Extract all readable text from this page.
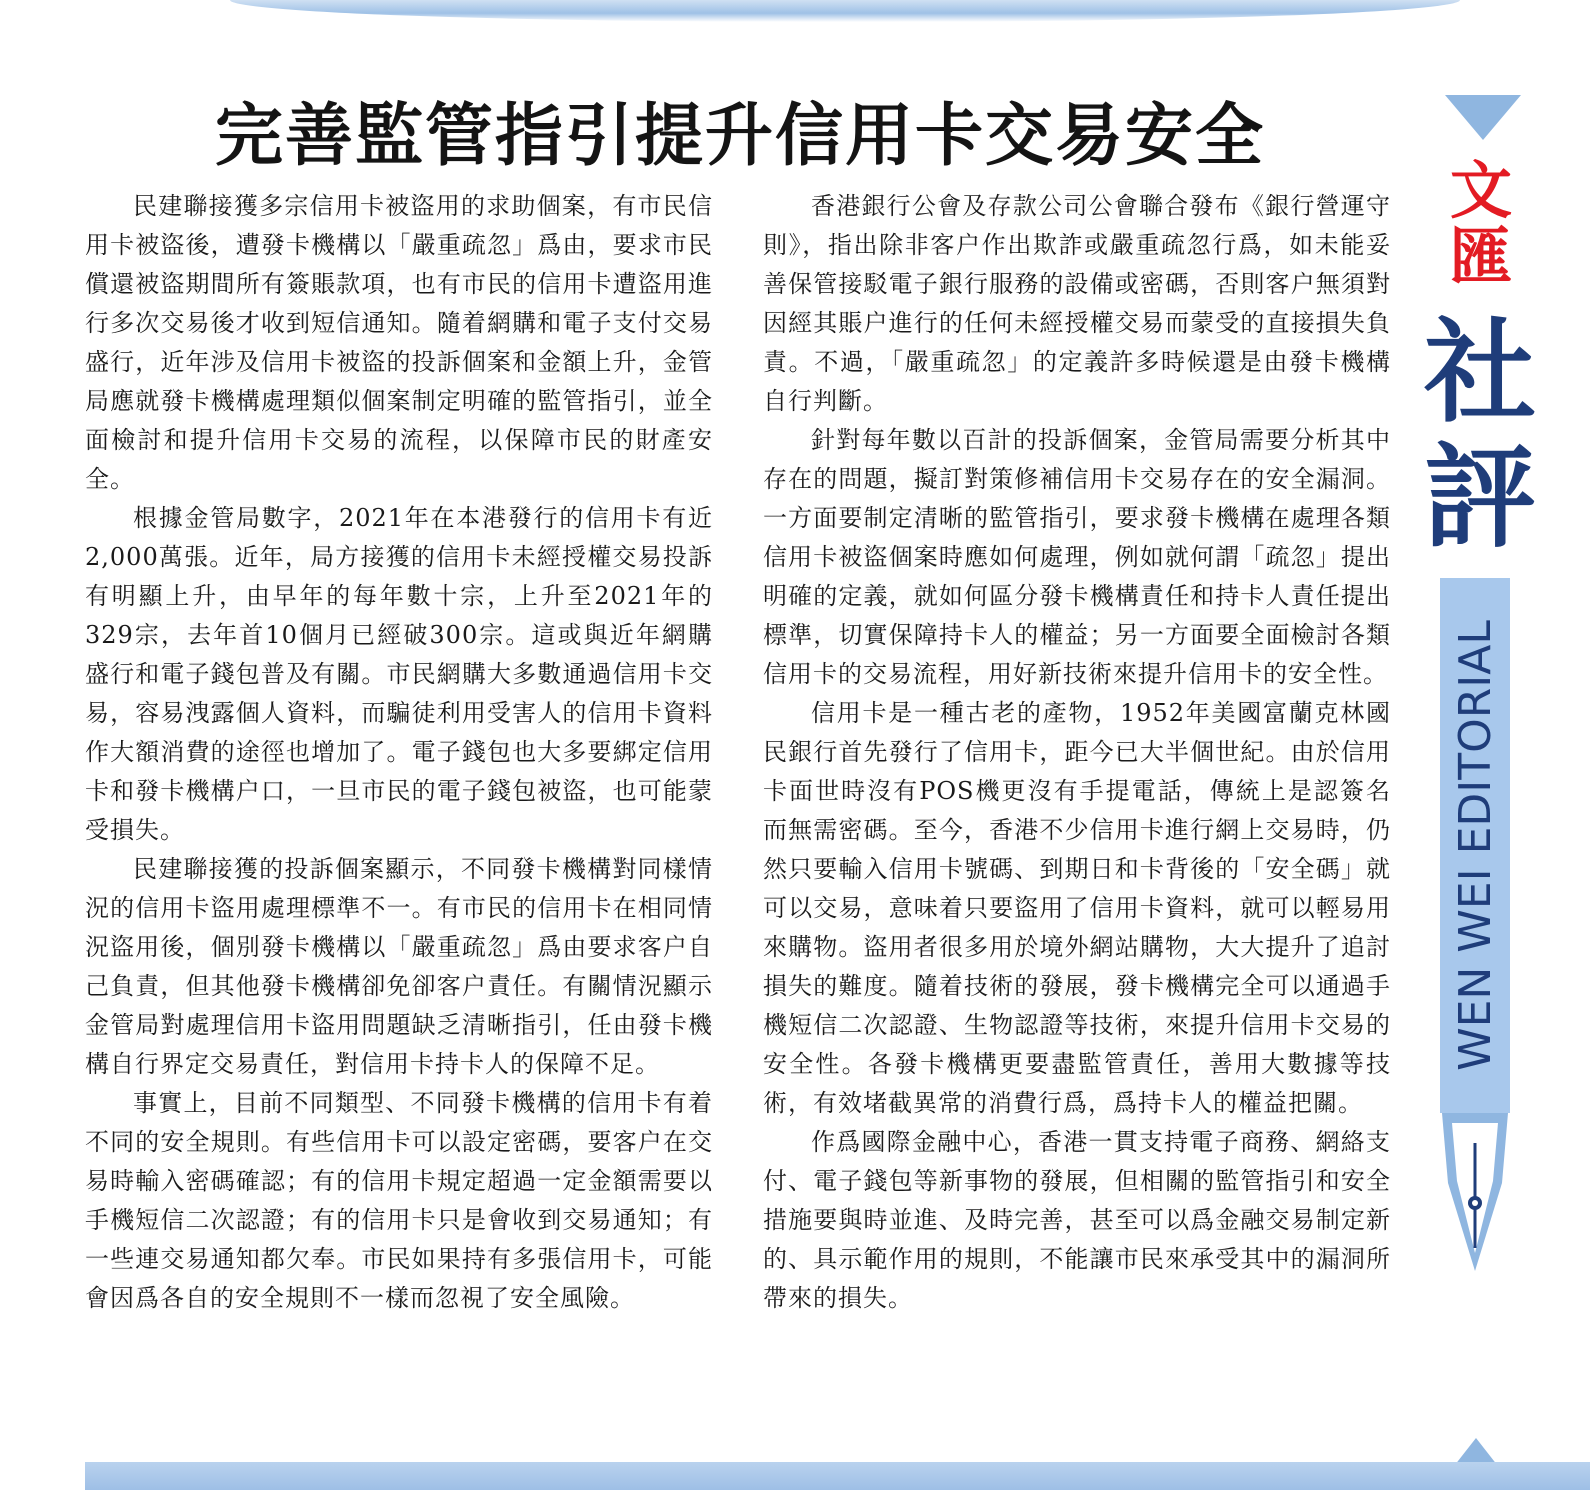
完善監管指引提升信用卡交易安全

民建聯接獲多宗信用卡被盜用的求助個案，有市民信用卡被盜後，遭發卡機構以「嚴重疏忽」爲由，要求市民償還被盜期間所有簽賬款項，也有市民的信用卡遭盜用進行多次交易後才收到短信通知。隨着網購和電子支付交易盛行，近年涉及信用卡被盜的投訴個案和金額上升，金管局應就發卡機構處理類似個案制定明確的監管指引，並全面檢討和提升信用卡交易的流程，以保障市民的財產安全。

根據金管局數字，2021年在本港發行的信用卡有近2,000萬張。近年，局方接獲的信用卡未經授權交易投訴有明顯上升，由早年的每年數十宗，上升至2021年的329宗，去年首10個月已經破300宗。這或與近年網購盛行和電子錢包普及有關。市民網購大多數通過信用卡交易，容易洩露個人資料，而騙徒利用受害人的信用卡資料作大額消費的途徑也增加了。電子錢包也大多要綁定信用卡和發卡機構户口，一旦市民的電子錢包被盜，也可能蒙受損失。

民建聯接獲的投訴個案顯示，不同發卡機構對同樣情況的信用卡盜用處理標準不一。有市民的信用卡在相同情況盜用後，個別發卡機構以「嚴重疏忽」爲由要求客户自己負責，但其他發卡機構卻免卻客户責任。有關情況顯示金管局對處理信用卡盜用問題缺乏清晰指引，任由發卡機構自行界定交易責任，對信用卡持卡人的保障不足。

事實上，目前不同類型、不同發卡機構的信用卡有着不同的安全規則。有些信用卡可以設定密碼，要客户在交易時輸入密碼確認；有的信用卡規定超過一定金額需要以手機短信二次認證；有的信用卡只是會收到交易通知；有一些連交易通知都欠奉。市民如果持有多張信用卡，可能會因爲各自的安全規則不一樣而忽視了安全風險。

香港銀行公會及存款公司公會聯合發布《銀行營運守則》，指出除非客户作出欺詐或嚴重疏忽行爲，如未能妥善保管接駁電子銀行服務的設備或密碼，否則客户無須對因經其賬户進行的任何未經授權交易而蒙受的直接損失負責。不過，「嚴重疏忽」的定義許多時候還是由發卡機構自行判斷。

針對每年數以百計的投訴個案，金管局需要分析其中存在的問題，擬訂對策修補信用卡交易存在的安全漏洞。一方面要制定清晰的監管指引，要求發卡機構在處理各類信用卡被盜個案時應如何處理，例如就何謂「疏忽」提出明確的定義，就如何區分發卡機構責任和持卡人責任提出標準，切實保障持卡人的權益；另一方面要全面檢討各類信用卡的交易流程，用好新技術來提升信用卡的安全性。

信用卡是一種古老的產物，1952年美國富蘭克林國民銀行首先發行了信用卡，距今已大半個世紀。由於信用卡面世時沒有POS機更沒有手提電話，傳統上是認簽名而無需密碼。至今，香港不少信用卡進行網上交易時，仍然只要輸入信用卡號碼、到期日和卡背後的「安全碼」就可以交易，意味着只要盜用了信用卡資料，就可以輕易用來購物。盜用者很多用於境外網站購物，大大提升了追討損失的難度。隨着技術的發展，發卡機構完全可以通過手機短信二次認證、生物認證等技術，來提升信用卡交易的安全性。各發卡機構更要盡監管責任，善用大數據等技術，有效堵截異常的消費行爲，爲持卡人的權益把關。

作爲國際金融中心，香港一貫支持電子商務、網絡支付、電子錢包等新事物的發展，但相關的監管指引和安全措施要與時並進、及時完善，甚至可以爲金融交易制定新的、具示範作用的規則，不能讓市民來承受其中的漏洞所帶來的損失。

文匯
社評
WEN WEI EDITORIAL
